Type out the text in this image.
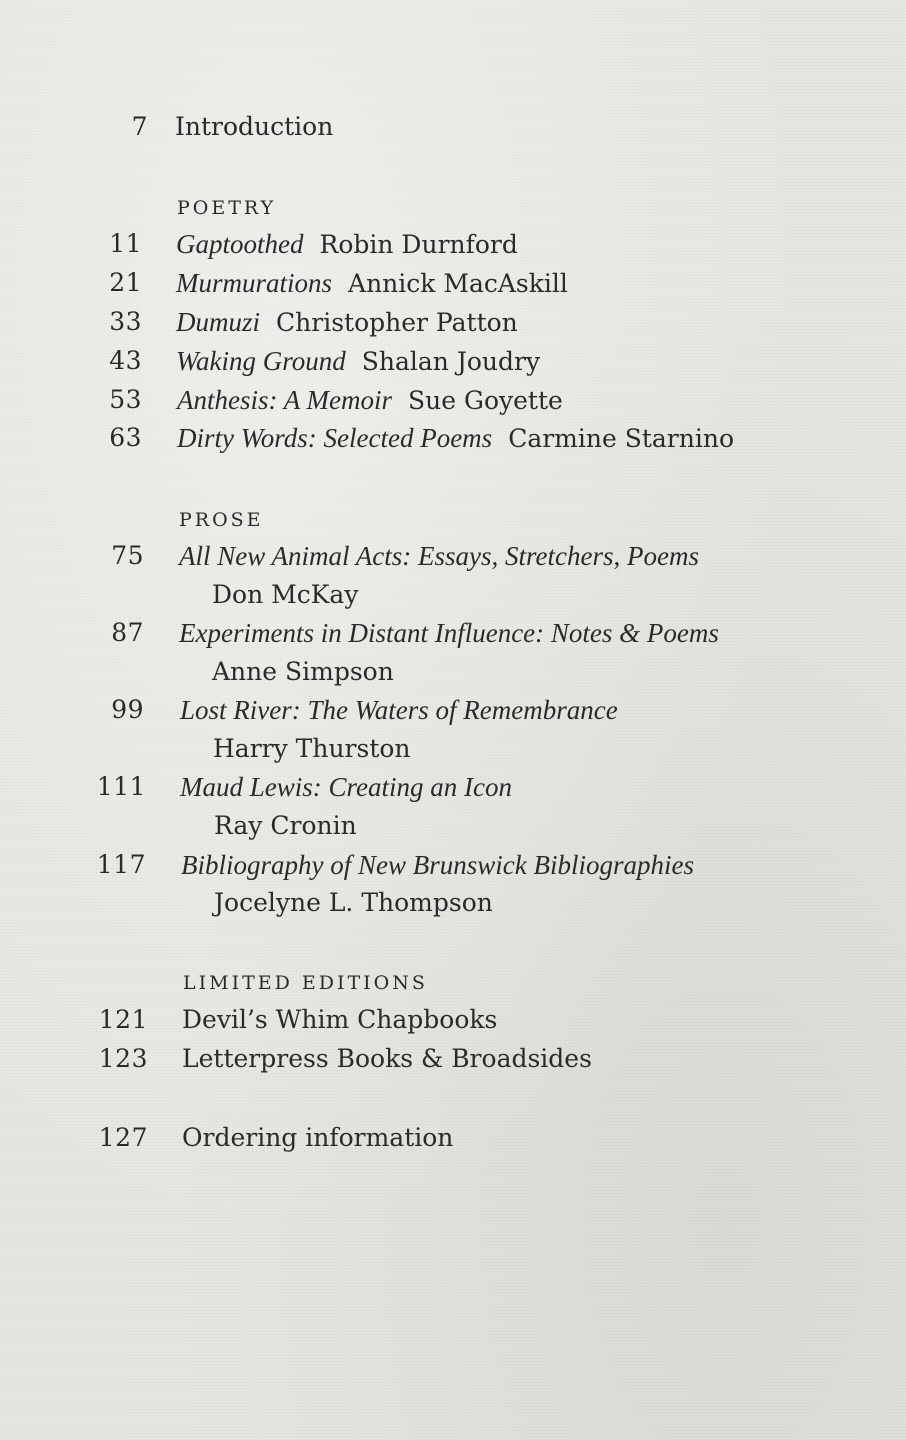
7 Introduction
POETRY
11 Gaptoothed Robin Durnford
21 Murmurations Annick MacAskill
33 Dumuzi Christopher Patton
43 Waking Ground Shalan Joudry
53 Anthesis: A Memoir Sue Goyette
63 Dirty Words: Selected Poems Carmine Starnino
PROSE
75 All New Animal Acts: Essays, Stretchers, Poems
Don McKay
87 Experiments in Distant Influence: Notes & Poems
Anne Simpson
99 Lost River: The Waters of Remembrance
Harry Thurston
111 Maud Lewis: Creating an Icon
Ray Cronin
117 Bibliography of New Brunswick Bibliographies
Jocelyne L. Thompson
LIMITED EDITIONS
121 Devil’s Whim Chapbooks
123 Letterpress Books & Broadsides
127 Ordering information
